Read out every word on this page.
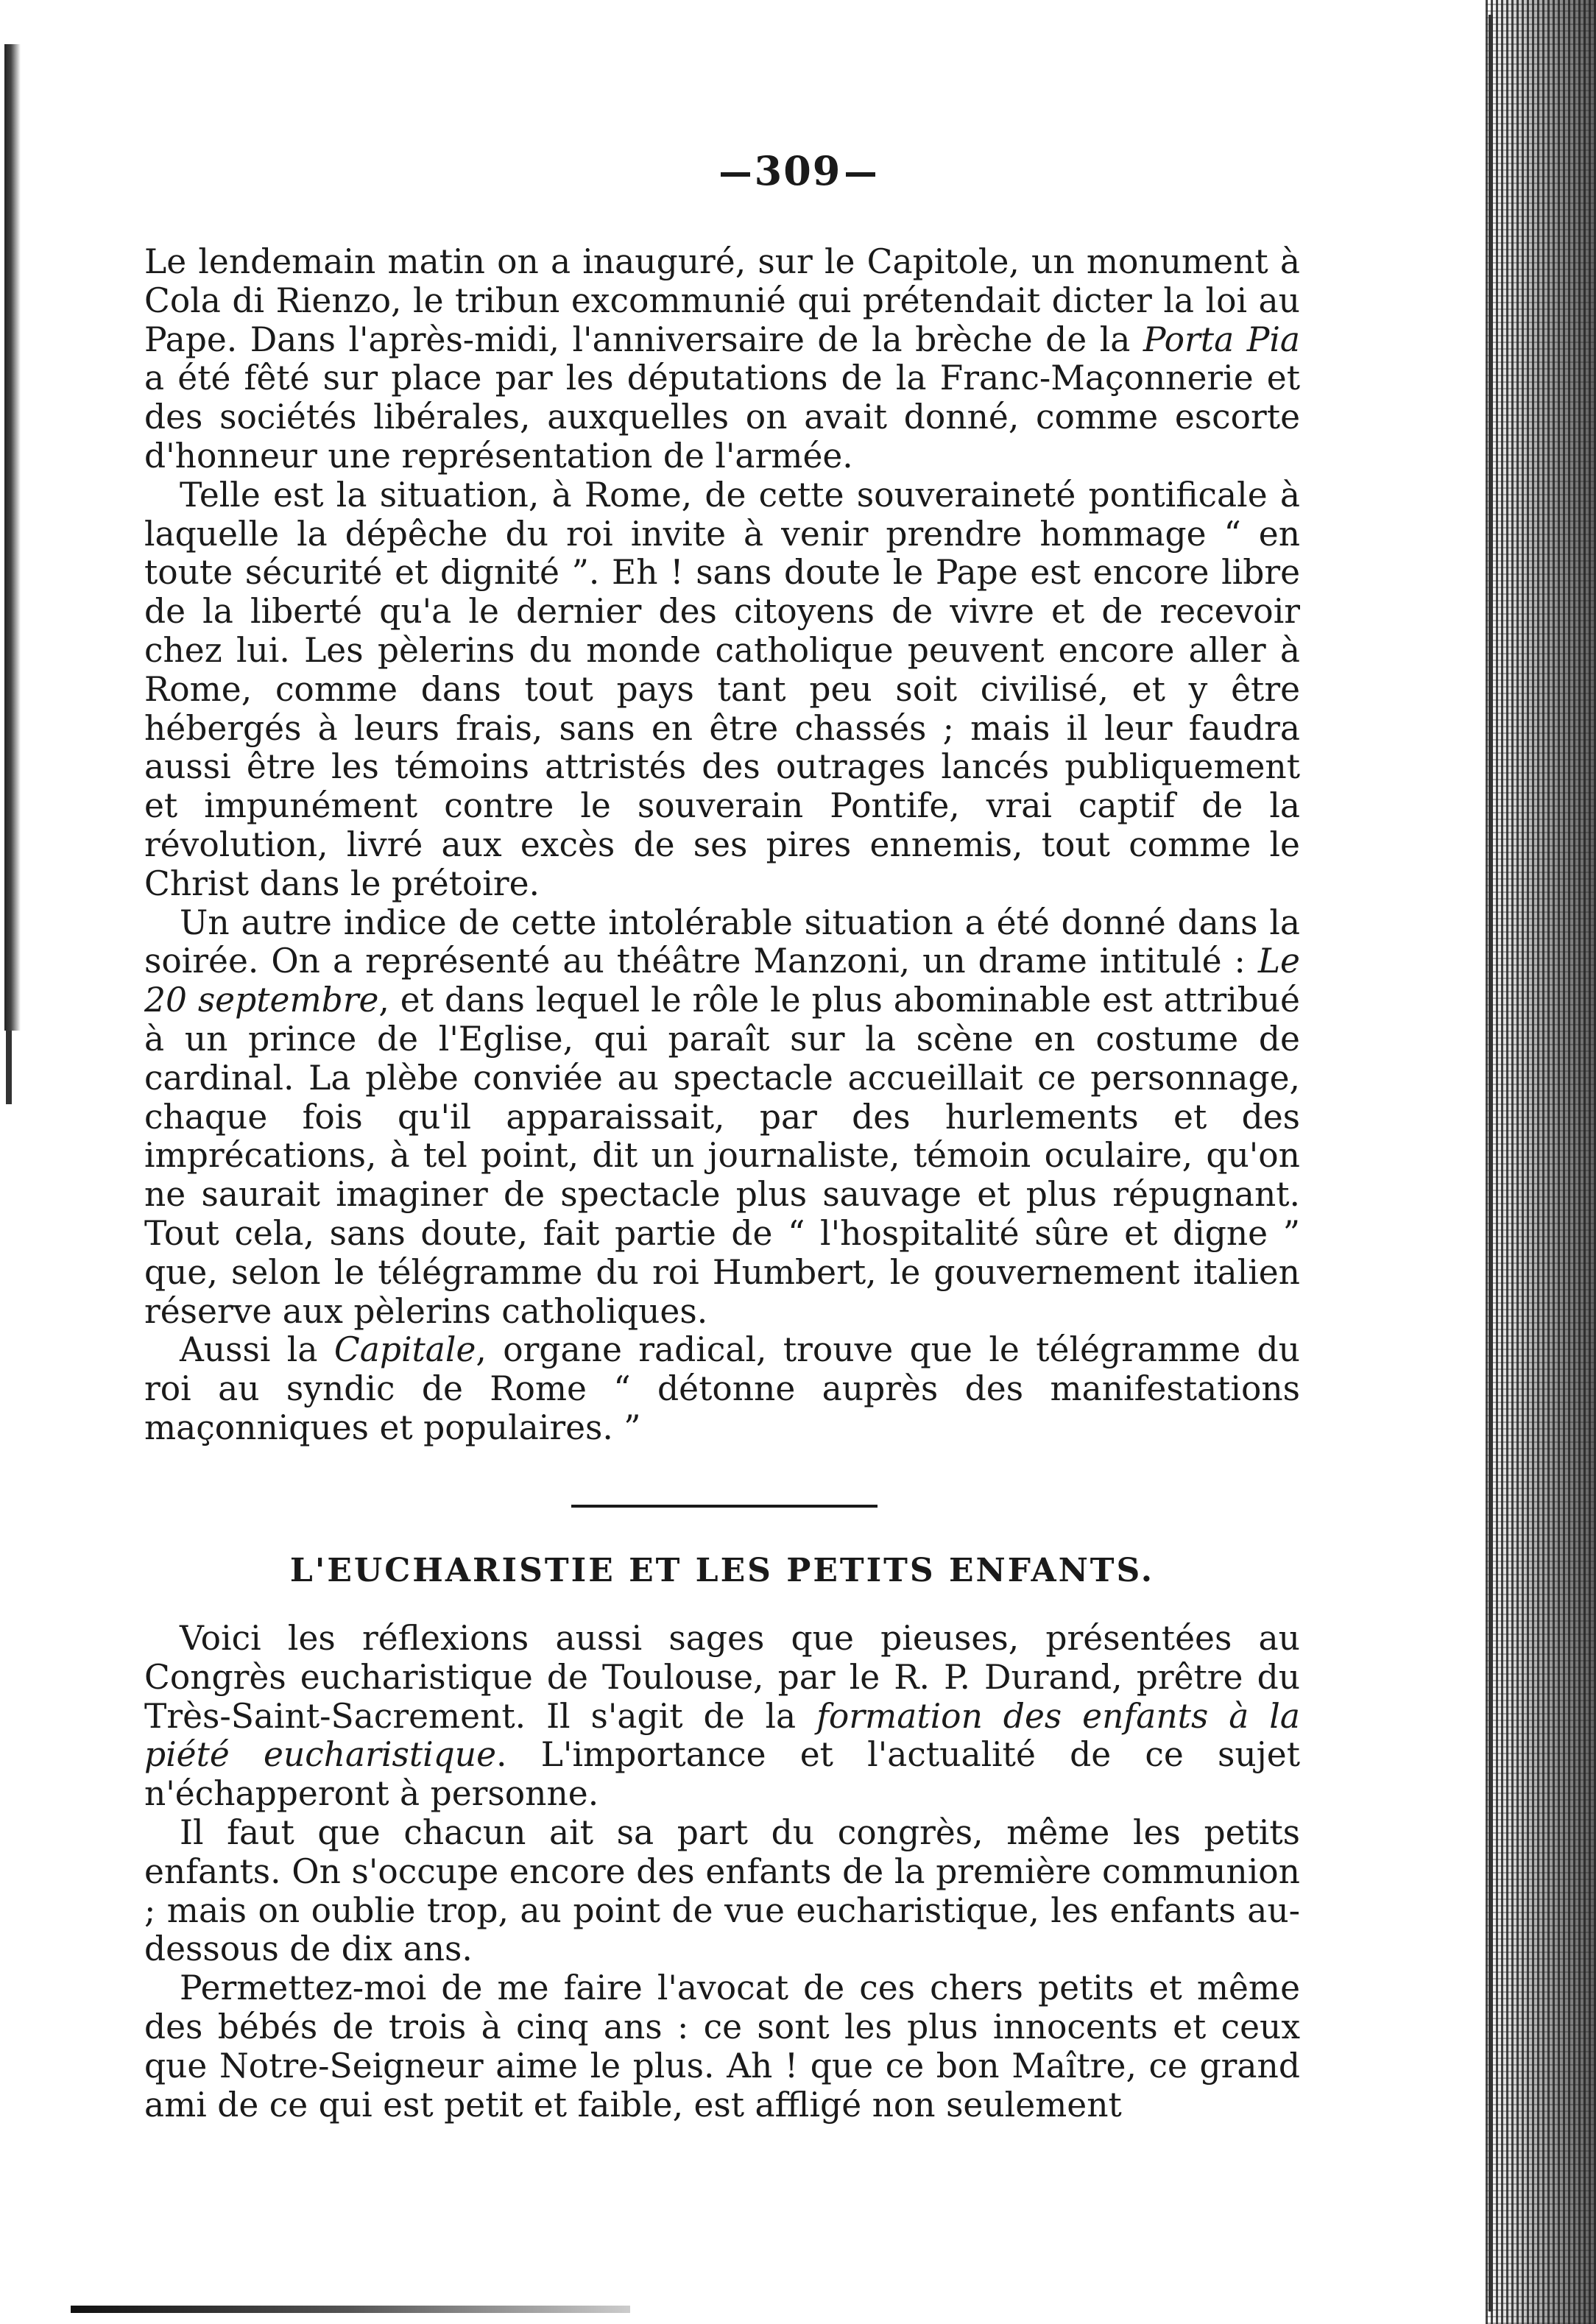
309

Le lendemain matin on a inauguré, sur le Capitole, un monument à Cola di Rienzo, le tribun excommunié qui prétendait dicter la loi au Pape. Dans l'après-midi, l'anniversaire de la brèche de la Porta Pia a été fêté sur place par les députations de la Franc-Maçonnerie et des sociétés libérales, auxquelles on avait donné, comme escorte d'honneur une représentation de l'armée.

Telle est la situation, à Rome, de cette souveraineté pontificale à laquelle la dépêche du roi invite à venir prendre hommage “ en toute sécurité et dignité ”. Eh ! sans doute le Pape est encore libre de la liberté qu'a le dernier des citoyens de vivre et de recevoir chez lui. Les pèlerins du monde catholique peuvent encore aller à Rome, comme dans tout pays tant peu soit civilisé, et y être hébergés à leurs frais, sans en être chassés ; mais il leur faudra aussi être les témoins attristés des outrages lancés publiquement et impunément contre le souverain Pontife, vrai captif de la révolution, livré aux excès de ses pires ennemis, tout comme le Christ dans le prétoire.

Un autre indice de cette intolérable situation a été donné dans la soirée. On a représenté au théâtre Manzoni, un drame intitulé : Le 20 septembre, et dans lequel le rôle le plus abominable est attribué à un prince de l'Eglise, qui paraît sur la scène en costume de cardinal. La plèbe conviée au spectacle accueillait ce personnage, chaque fois qu'il apparaissait, par des hurlements et des imprécations, à tel point, dit un journaliste, témoin oculaire, qu'on ne saurait imaginer de spectacle plus sauvage et plus répugnant. Tout cela, sans doute, fait partie de “ l'hospitalité sûre et digne ” que, selon le télégramme du roi Humbert, le gouvernement italien réserve aux pèlerins catholiques.

Aussi la Capitale, organe radical, trouve que le télégramme du roi au syndic de Rome “ détonne auprès des manifestations maçonniques et populaires. ”

L'EUCHARISTIE ET LES PETITS ENFANTS.

Voici les réflexions aussi sages que pieuses, présentées au Congrès eucharistique de Toulouse, par le R. P. Durand, prêtre du Très-Saint-Sacrement. Il s'agit de la formation des enfants à la piété eucharistique. L'importance et l'actualité de ce sujet n'échapperont à personne.

Il faut que chacun ait sa part du congrès, même les petits enfants. On s'occupe encore des enfants de la première communion ; mais on oublie trop, au point de vue eucharistique, les enfants au-dessous de dix ans.

Permettez-moi de me faire l'avocat de ces chers petits et même des bébés de trois à cinq ans : ce sont les plus innocents et ceux que Notre-Seigneur aime le plus. Ah ! que ce bon Maître, ce grand ami de ce qui est petit et faible, est affligé non seulement
